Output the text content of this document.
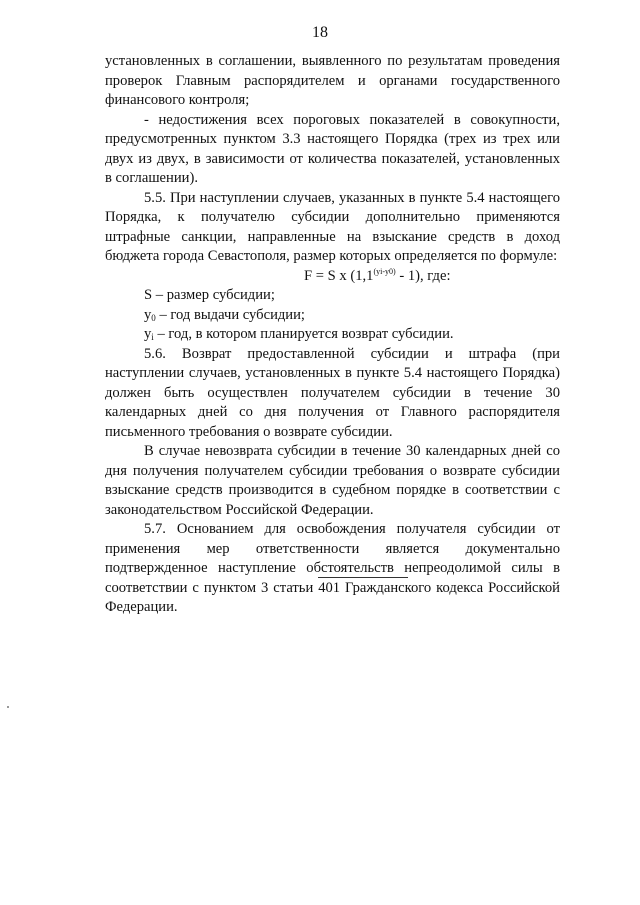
18

установленных в соглашении, выявленного по результатам проведения проверок Главным распорядителем и органами государственного финансового контроля;

- недостижения всех пороговых показателей в совокупности, предусмотренных пунктом 3.3 настоящего Порядка (трех из трех или двух из двух, в зависимости от количества показателей, установленных в соглашении).

5.5. При наступлении случаев, указанных в пункте 5.4 настоящего Порядка, к получателю субсидии дополнительно применяются штрафные санкции, направленные на взыскание средств в доход бюджета города Севастополя, размер которых определяется по формуле:

F = S x $(1,1^{(yi-y0)} - 1)$, где:

S – размер субсидии;

$y_0$ – год выдачи субсидии;

$y_i$ – год, в котором планируется возврат субсидии.

5.6. Возврат предоставленной субсидии и штрафа (при наступлении случаев, установленных в пункте 5.4 настоящего Порядка) должен быть осуществлен получателем субсидии в течение 30 календарных дней со дня получения от Главного распорядителя письменного требования о возврате субсидии.

В случае невозврата субсидии в течение 30 календарных дней со дня получения получателем субсидии требования о возврате субсидии взыскание средств производится в судебном порядке в соответствии с законодательством Российской Федерации.

5.7. Основанием для освобождения получателя субсидии от применения мер ответственности является документально подтвержденное наступление обстоятельств непреодолимой силы в соответствии с пунктом 3 статьи 401 Гражданского кодекса Российской Федерации.
